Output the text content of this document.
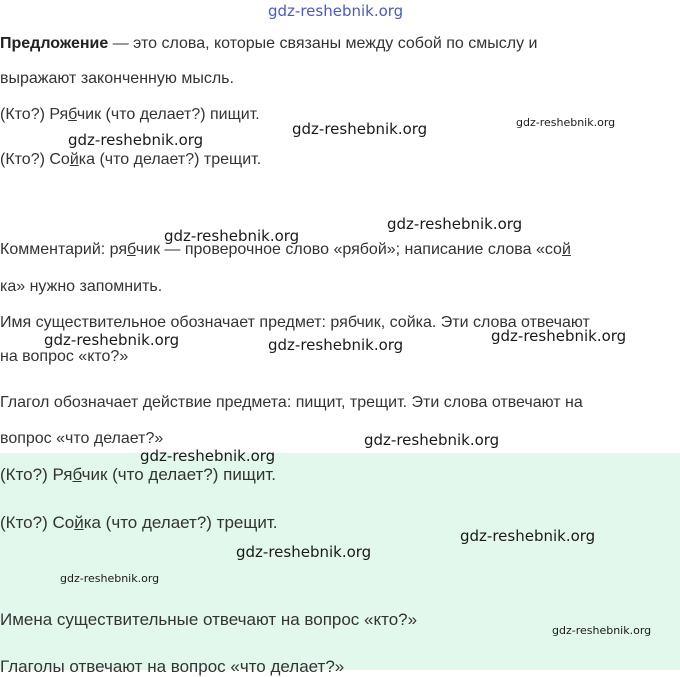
gdz-reshebnik.org
Предложение — это слова, которые связаны между собой по смыслу и
выражают законченную мысль.
(Кто?) Рябчик (что делает?) пищит.
(Кто?) Сойка (что делает?) трещит.
Комментарий: рябчик — проверочное слово «рябой»; написание слова «сой
ка» нужно запомнить.
Имя существительное обозначает предмет: рябчик, сойка. Эти слова отвечают
на вопрос «кто?»
Глагол обозначает действие предмета: пищит, трещит. Эти слова отвечают на
вопрос «что делает?»
(Кто?) Рябчик (что делает?) пищит.
(Кто?) Сойка (что делает?) трещит.
Имена существительные отвечают на вопрос «кто?»
Глаголы отвечают на вопрос «что делает?»
gdz-reshebnik.org
gdz-reshebnik.org	gdz-reshebnik.org
gdz-reshebnik.org
gdz-reshebnik.org
gdz-reshebnik.org	gdz-reshebnik.org	gdz-reshebnik.org
gdz-reshebnik.org
gdz-reshebnik.org
gdz-reshebnik.org
gdz-reshebnik.org
gdz-reshebnik.org
gdz-reshebnik.org
